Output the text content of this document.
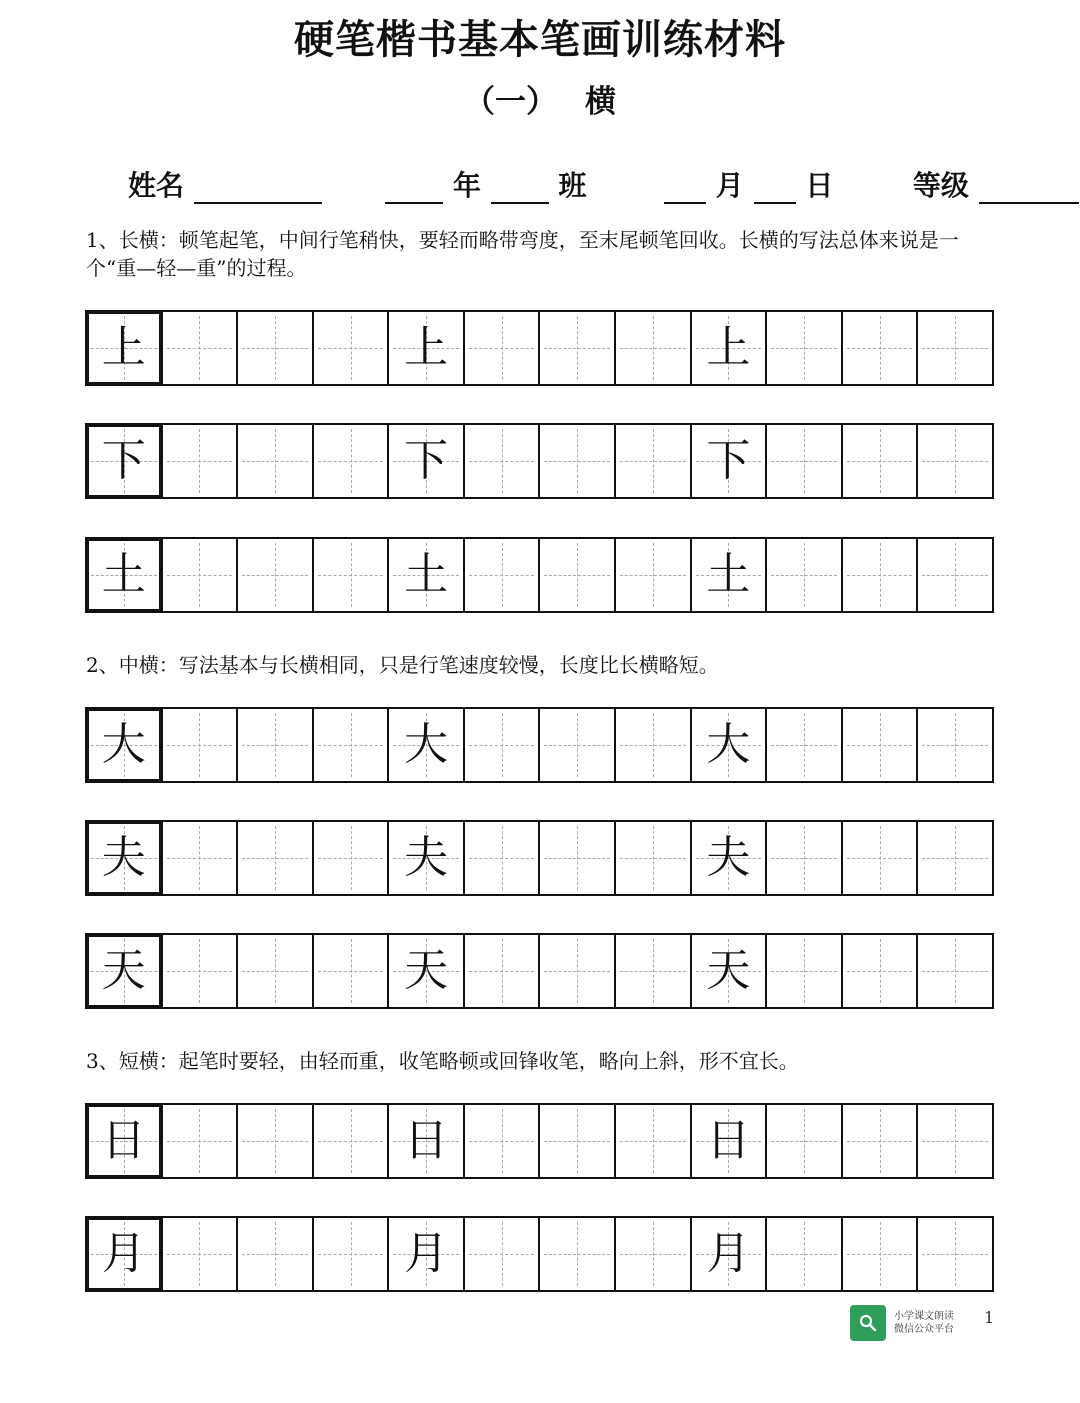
硬笔楷书基本笔画训练材料
（一） 横
姓名	年	班	月 日	等级
1、长横：顿笔起笔，中间行笔稍快，要轻而略带弯度，至末尾顿笔回收。长横的写法总体来说是一个“重—轻—重”的过程。
上	上	上
下	下	下
土	土	土
2、中横：写法基本与长横相同，只是行笔速度较慢，长度比长横略短。
大	大	大
夫	夫	夫
天	天	天
3、短横：起笔时要轻，由轻而重，收笔略顿或回锋收笔，略向上斜，形不宜长。
日	日	日
月	月	月
小学课文朗读
微信公众平台
1
